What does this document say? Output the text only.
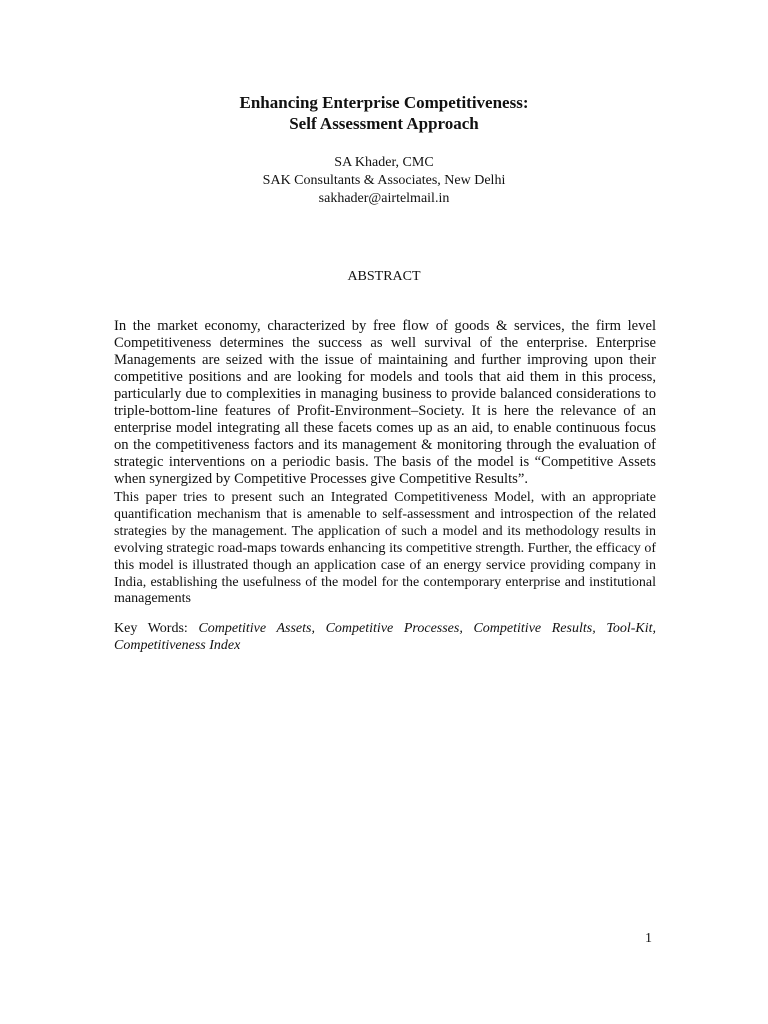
Enhancing Enterprise Competitiveness:
Self Assessment Approach
SA Khader, CMC
SAK Consultants & Associates, New Delhi
sakhader@airtelmail.in
ABSTRACT

In the market economy, characterized by free flow of goods & services, the firm level Competitiveness determines the success as well survival of the enterprise. Enterprise Managements are seized with the issue of maintaining and further improving upon their competitive positions and are looking for models and tools that aid them in this process, particularly due to complexities in managing business to provide balanced considerations to triple-bottom-line features of Profit-Environment–Society. It is here the relevance of an enterprise model integrating all these facets comes up as an aid, to enable continuous focus on the competitiveness factors and its management & monitoring through the evaluation of strategic interventions on a periodic basis. The basis of the model is “Competitive Assets when synergized by Competitive Processes give Competitive Results”.

This paper tries to present such an Integrated Competitiveness Model, with an appropriate quantification mechanism that is amenable to self-assessment and introspection of the related strategies by the management. The application of such a model and its methodology results in evolving strategic road-maps towards enhancing its competitive strength. Further, the efficacy of this model is illustrated though an application case of an energy service providing company in India, establishing the usefulness of the model for the contemporary enterprise and institutional managements

Key Words: Competitive Assets, Competitive Processes, Competitive Results, Tool-Kit, Competitiveness Index

1
